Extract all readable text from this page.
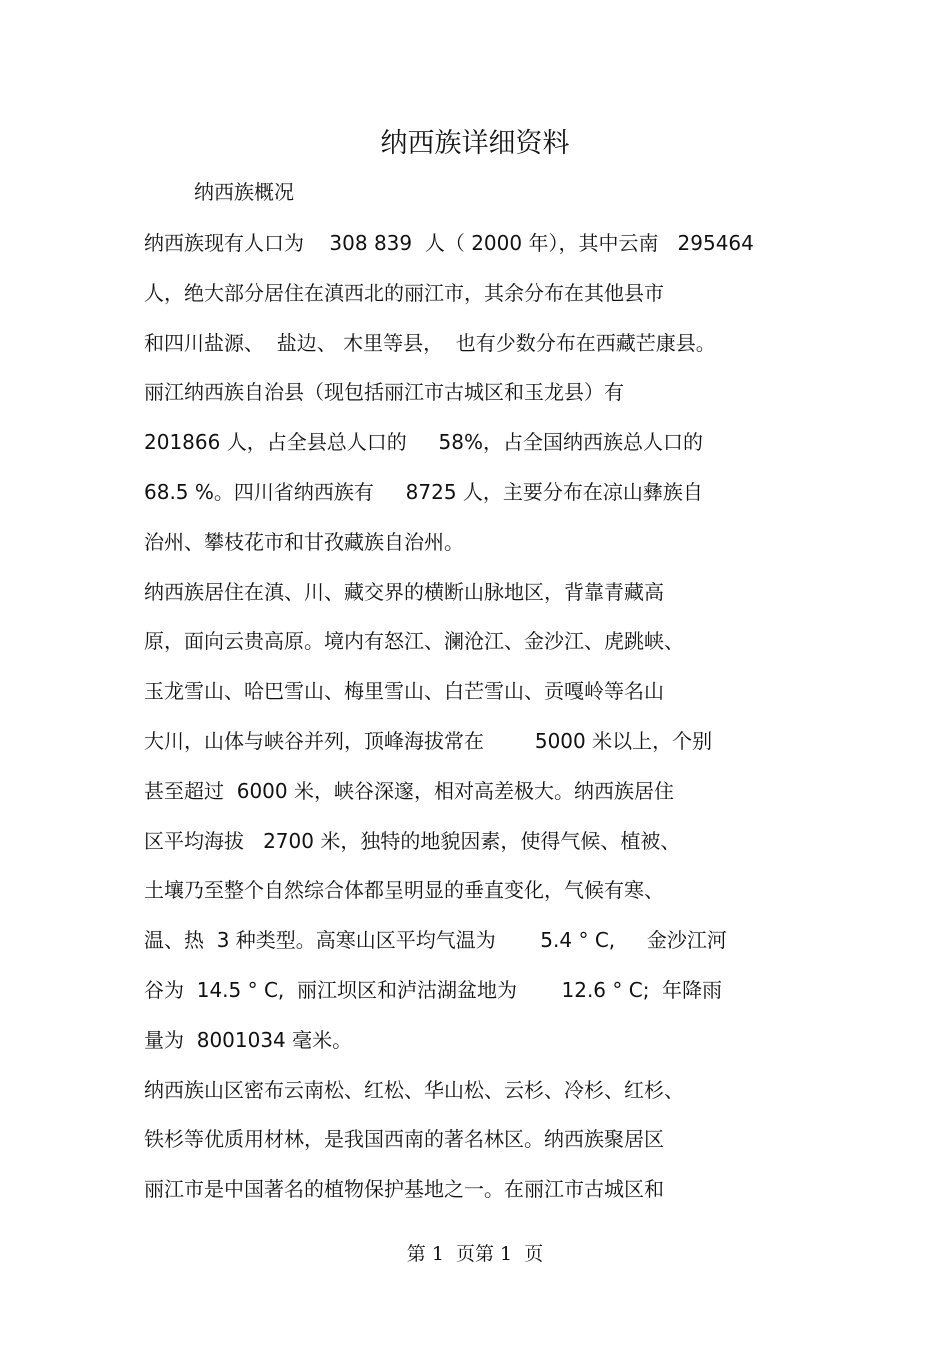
纳西族详细资料

纳西族概况

纳西族现有人口为    308 839  人（ 2000 年），其中云南   295464
人，绝大部分居住在滇西北的丽江市，其余分布在其他县市
和四川盐源、  盐边、 木里等县，  也有少数分布在西藏芒康县。
丽江纳西族自治县（现包括丽江市古城区和玉龙县）有
201866 人，占全县总人口的     58%，占全国纳西族总人口的
68.5 %。四川省纳西族有     8725 人，主要分布在凉山彝族自
治州、攀枝花市和甘孜藏族自治州。
纳西族居住在滇、川、藏交界的横断山脉地区，背靠青藏高
原，面向云贵高原。境内有怒江、澜沧江、金沙江、虎跳峡、
玉龙雪山、哈巴雪山、梅里雪山、白芒雪山、贡嘎岭等名山
大川，山体与峡谷并列，顶峰海拔常在        5000 米以上，个别
甚至超过  6000 米，峡谷深邃，相对高差极大。纳西族居住
区平均海拔   2700 米，独特的地貌因素，使得气候、植被、
土壤乃至整个自然综合体都呈明显的垂直变化，气候有寒、
温、热  3 种类型。高寒山区平均气温为       5.4 ° C,     金沙江河
谷为  14.5 ° C,  丽江坝区和泸沽湖盆地为       12.6 ° C;  年降雨
量为  8001034 毫米。
纳西族山区密布云南松、红松、华山松、云杉、冷杉、红杉、
铁杉等优质用材林，是我国西南的著名林区。纳西族聚居区
丽江市是中国著名的植物保护基地之一。在丽江市古城区和
第 1  页第 1  页
